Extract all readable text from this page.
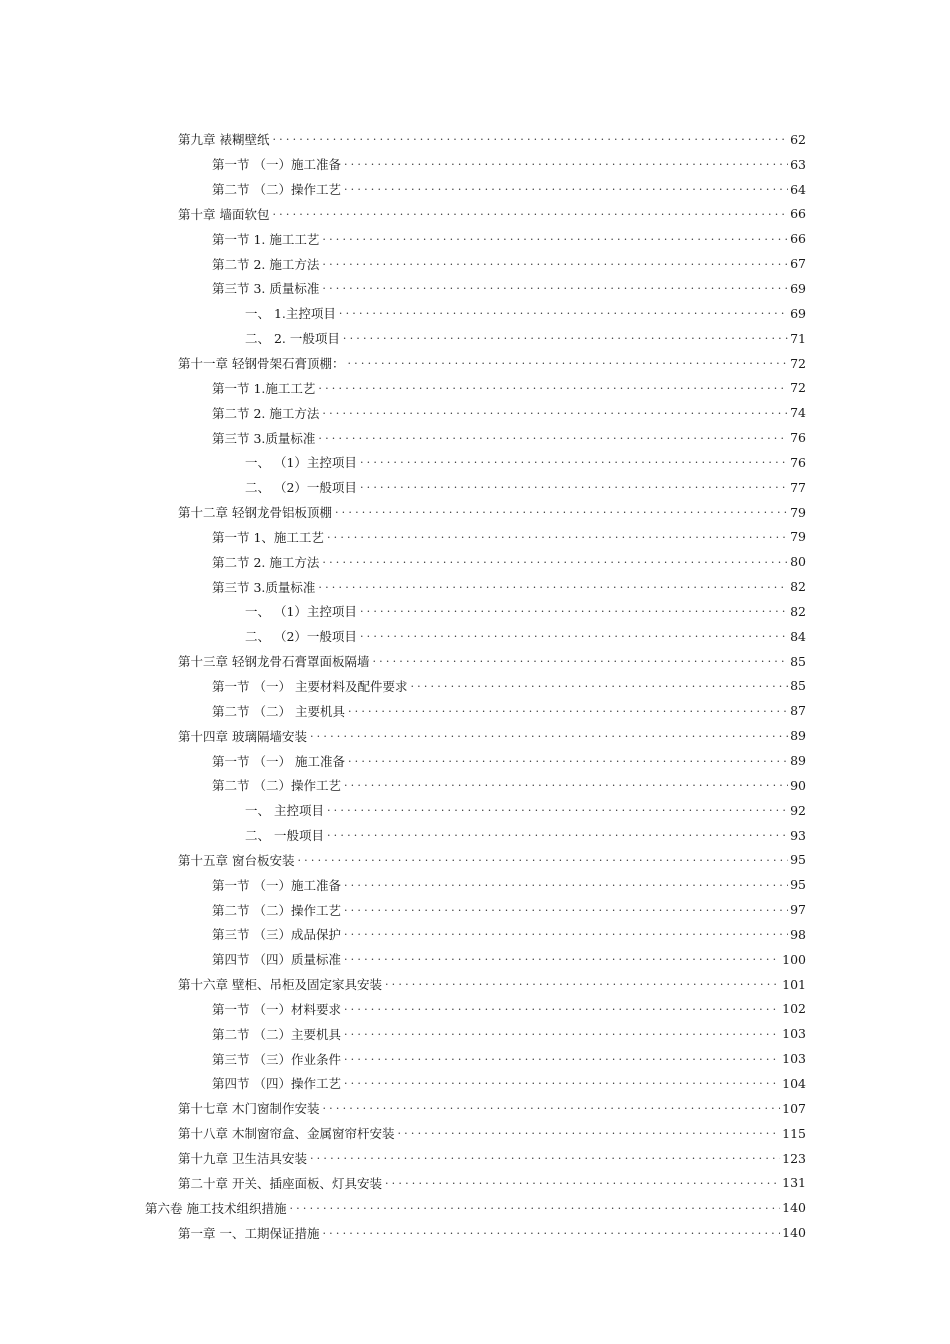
第九章 裱糊壁纸 .....	62
第一节 （一）施工准备 .....	63
第二节 （二）操作工艺 .....	64
第十章 墙面软包 .....	66
第一节 1. 施工工艺 .....	66
第二节 2. 施工方法 .....	67
第三节 3. 质量标准 .....	69
一、 1.主控项目 .....	69
二、 2. 一般项目 .....	71
第十一章 轻钢骨架石膏顶棚： .....	72
第一节 1.施工工艺 .....	72
第二节 2. 施工方法 .....	74
第三节 3.质量标准 .....	76
一、 （1）主控项目 .....	76
二、 （2）一般项目 .....	77
第十二章 轻钢龙骨铝板顶棚 .....	79
第一节 1、施工工艺 .....	79
第二节 2. 施工方法 .....	80
第三节 3.质量标准 .....	82
一、 （1）主控项目 .....	82
二、 （2）一般项目 .....	84
第十三章 轻钢龙骨石膏罩面板隔墙 .....	85
第一节 （一） 主要材料及配件要求 .....	85
第二节 （二） 主要机具 .....	87
第十四章 玻璃隔墙安装 .....	89
第一节 （一） 施工准备 .....	89
第二节 （二）操作工艺 .....	90
一、 主控项目 .....	92
二、 一般项目 .....	93
第十五章 窗台板安装 .....	95
第一节 （一）施工准备 .....	95
第二节 （二）操作工艺 .....	97
第三节 （三）成品保护 .....	98
第四节 （四）质量标准 .....	100
第十六章 壁柜、吊柜及固定家具安装 .....	101
第一节 （一）材料要求 .....	102
第二节 （二）主要机具 .....	103
第三节 （三）作业条件 .....	103
第四节 （四）操作工艺 .....	104
第十七章 木门窗制作安装 .....	107
第十八章 木制窗帘盒、金属窗帘杆安装 .....	115
第十九章 卫生洁具安装 .....	123
第二十章 开关、插座面板、灯具安装 .....	131
第六卷 施工技术组织措施 .....	140
第一章 一、工期保证措施 .....	140
